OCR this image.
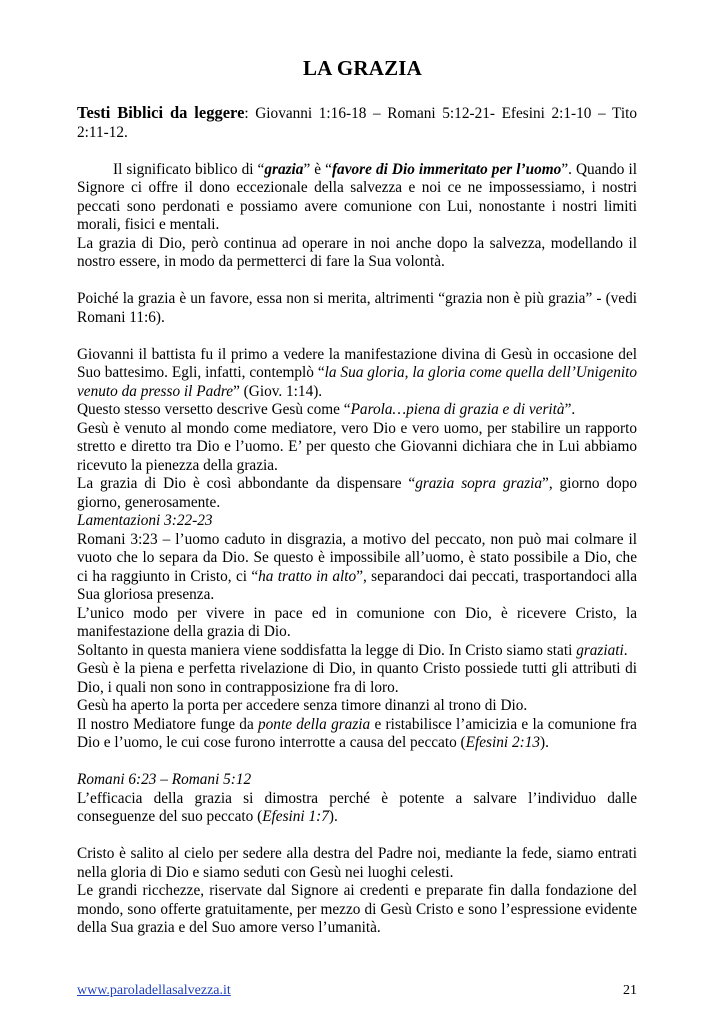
LA GRAZIA

Testi Biblici da leggere: Giovanni 1:16-18 – Romani 5:12-21- Efesini 2:1-10 – Tito 2:11-12.

Il significato biblico di “grazia” è “favore di Dio immeritato per l’uomo”. Quando il Signore ci offre il dono eccezionale della salvezza e noi ce ne impossessiamo, i nostri peccati sono perdonati e possiamo avere comunione con Lui, nonostante i nostri limiti morali, fisici e mentali.

La grazia di Dio, però continua ad operare in noi anche dopo la salvezza, modellando il nostro essere, in modo da permetterci di fare la Sua volontà.

Poiché la grazia è un favore, essa non si merita, altrimenti “grazia non è più grazia” - (vedi Romani 11:6).

Giovanni il battista fu il primo a vedere la manifestazione divina di Gesù in occasione del Suo battesimo. Egli, infatti, contemplò “la Sua gloria, la gloria come quella dell’Unigenito venuto da presso il Padre” (Giov. 1:14).

Questo stesso versetto descrive Gesù come “Parola…piena di grazia e di verità”.

Gesù è venuto al mondo come mediatore, vero Dio e vero uomo, per stabilire un rapporto stretto e diretto tra Dio e l’uomo. E’ per questo che Giovanni dichiara che in Lui abbiamo ricevuto la pienezza della grazia.

La grazia di Dio è così abbondante da dispensare “grazia sopra grazia”, giorno dopo giorno, generosamente.

Lamentazioni 3:22-23

Romani 3:23 – l’uomo caduto in disgrazia, a motivo del peccato, non può mai colmare il vuoto che lo separa da Dio. Se questo è impossibile all’uomo, è stato possibile a Dio, che ci ha raggiunto in Cristo, ci “ha tratto in alto”, separandoci dai peccati, trasportandoci alla Sua gloriosa presenza.

L’unico modo per vivere in pace ed in comunione con Dio, è ricevere Cristo, la manifestazione della grazia di Dio.

Soltanto in questa maniera viene soddisfatta la legge di Dio. In Cristo siamo stati graziati.

Gesù è la piena e perfetta rivelazione di Dio, in quanto Cristo possiede tutti gli attributi di Dio, i quali non sono in contrapposizione fra di loro.

Gesù ha aperto la porta per accedere senza timore dinanzi al trono di Dio.

Il nostro Mediatore funge da ponte della grazia e ristabilisce l’amicizia e la comunione fra Dio e l’uomo, le cui cose furono interrotte a causa del peccato (Efesini 2:13).

Romani 6:23 – Romani 5:12

L’efficacia della grazia si dimostra perché è potente a salvare l’individuo dalle conseguenze del suo peccato (Efesini 1:7).

Cristo è salito al cielo per sedere alla destra del Padre noi, mediante la fede, siamo entrati nella gloria di Dio e siamo seduti con Gesù nei luoghi celesti.

Le grandi ricchezze, riservate dal Signore ai credenti e preparate fin dalla fondazione del mondo, sono offerte gratuitamente, per mezzo di Gesù Cristo e sono l’espressione evidente della Sua grazia e del Suo amore verso l’umanità.

www.paroladellasalvezza.it	21
